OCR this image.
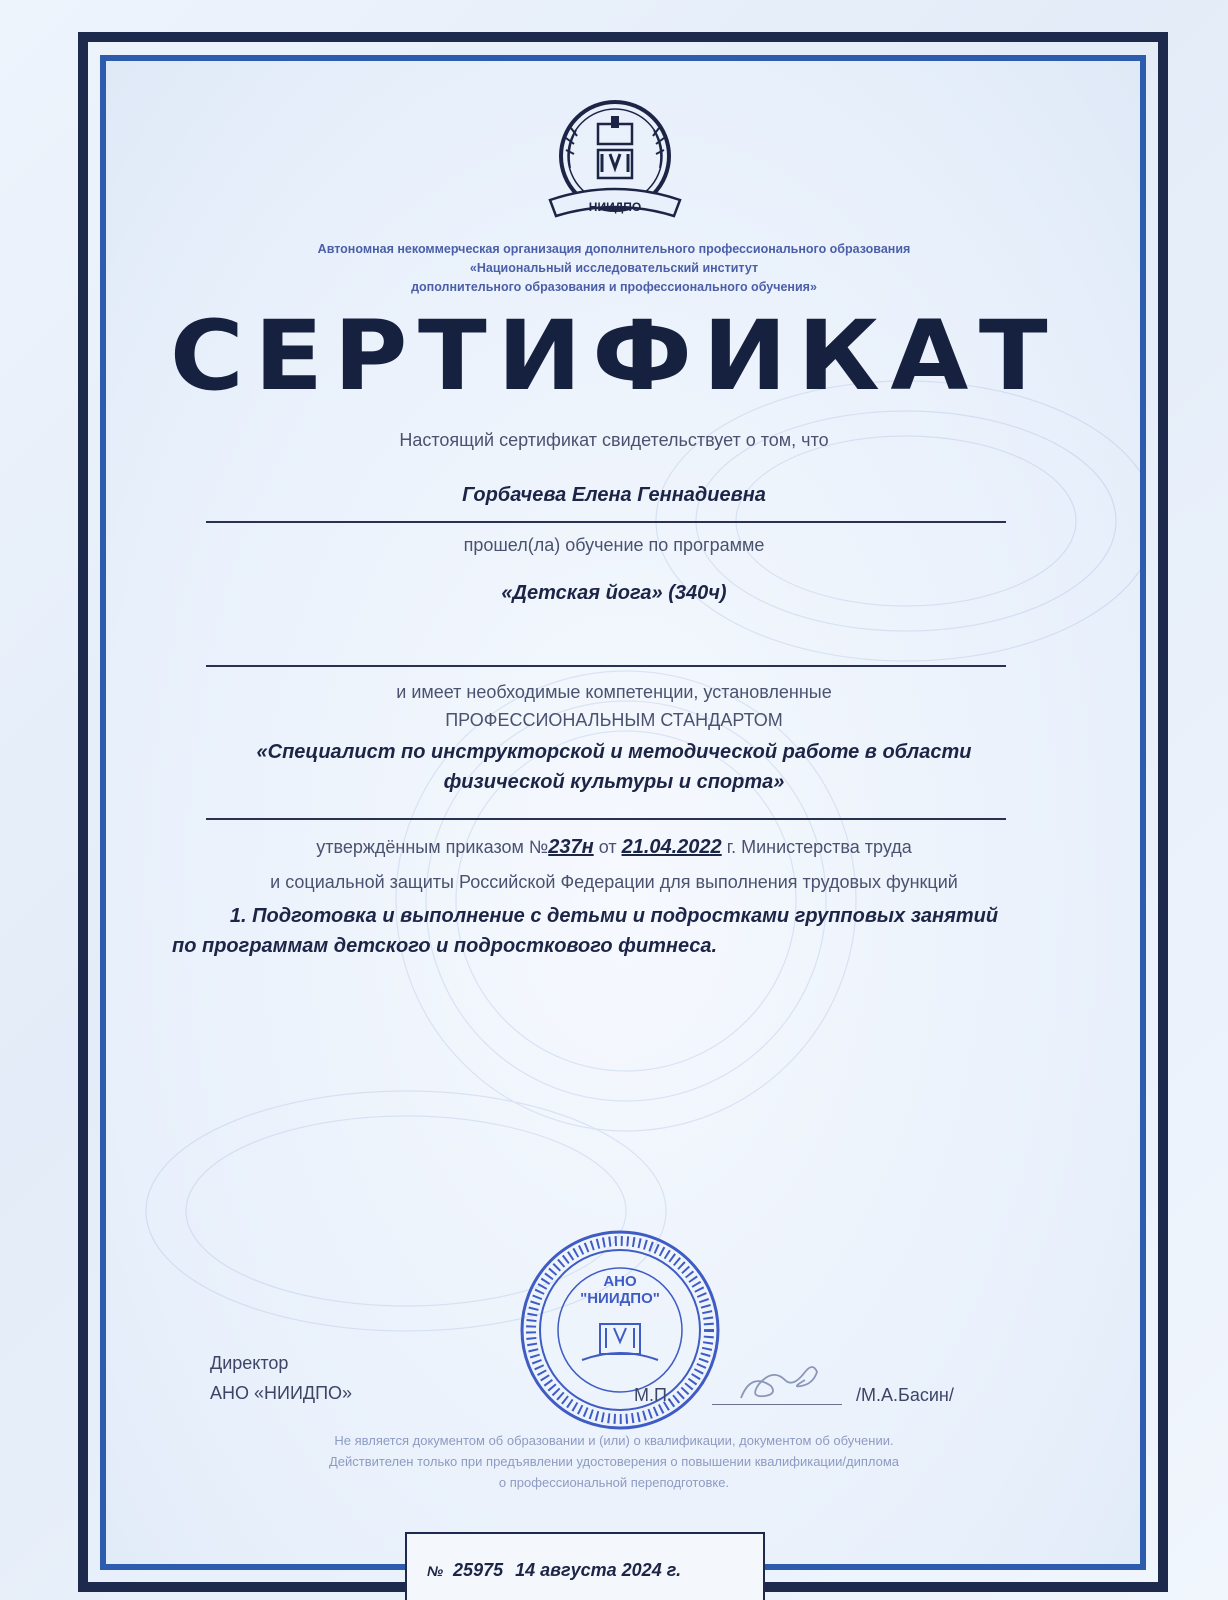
НИИДПО
Автономная некоммерческая организация дополнительного профессионального образования
«Национальный исследовательский институт
дополнительного образования и профессионального обучения»
СЕРТИФИКАТ
Настоящий сертификат свидетельствует о том, что
Горбачева Елена Геннадиевна
прошел(ла) обучение по программе
«Детская йога» (340ч)
и имеет необходимые компетенции, установленные
ПРОФЕССИОНАЛЬНЫМ СТАНДАРТОМ
«Специалист по инструкторской и методической работе в области
физической культуры и спорта»
утверждённым приказом №237н от 21.04.2022 г. Министерства труда
и социальной защиты Российской Федерации для выполнения трудовых функций
1. Подготовка и выполнение с детьми и подростками групповых занятий
по программам детского и подросткового фитнеса.
АНО
"НИИДПО"
Директор
АНО «НИИДПО»	М.П.	/М.А.Басин/
Не является документом об образовании и (или) о квалификации, документом об обучении.
Действителен только при предъявлении удостоверения о повышении квалификации/диплома
о профессиональной переподготовке.
№ 25975 14 августа 2024 г.
